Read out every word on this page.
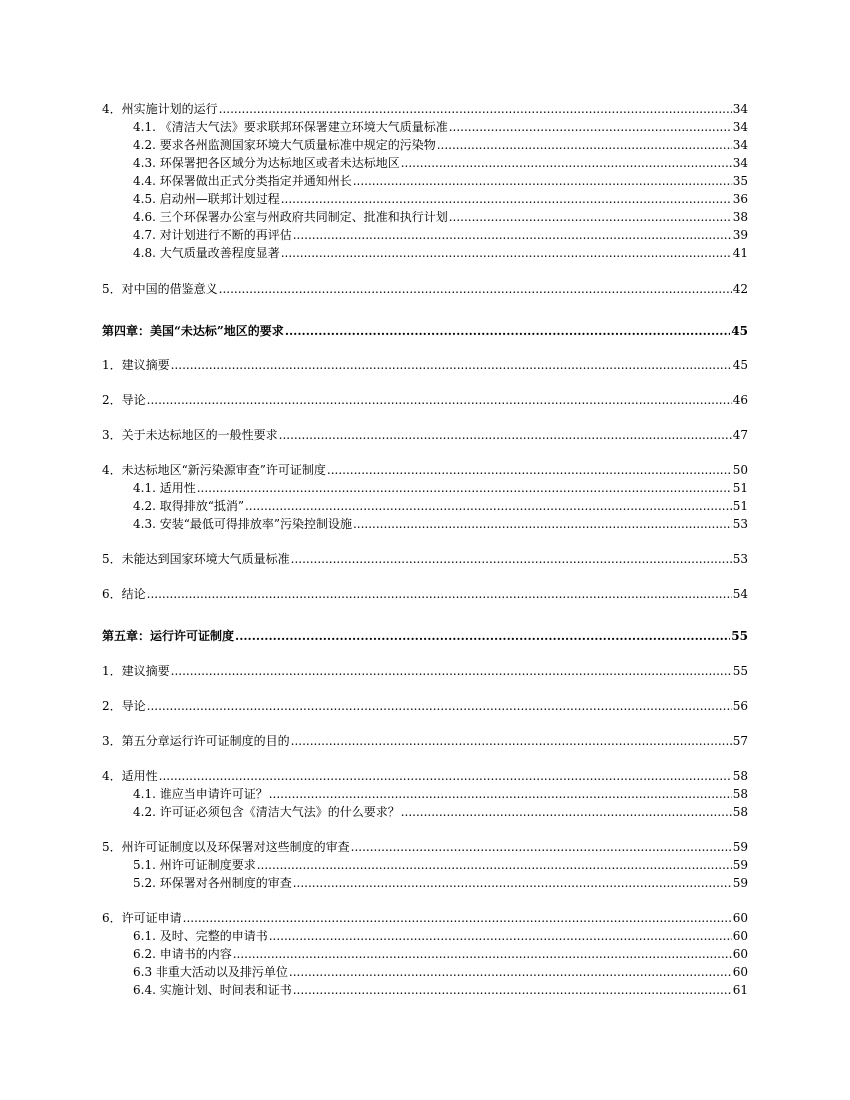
4．州实施计划的运行 .....	34
4.1. 《清洁大气法》要求联邦环保署建立环境大气质量标准 .....	34
4.2. 要求各州监测国家环境大气质量标准中规定的污染物 .....	34
4.3. 环保署把各区域分为达标地区或者未达标地区 .....	34
4.4. 环保署做出正式分类指定并通知州长 .....	35
4.5. 启动州—联邦计划过程 .....	36
4.6. 三个环保署办公室与州政府共同制定、批准和执行计划 .....	38
4.7. 对计划进行不断的再评估 .....	39
4.8. 大气质量改善程度显著 .....	41
5．对中国的借鉴意义 .....	42
第四章：美国“未达标”地区的要求 .....	45
1．建议摘要 .....	45
2．导论 .....	46
3．关于未达标地区的一般性要求 .....	47
4．未达标地区“新污染源审查”许可证制度 .....	50
4.1. 适用性 .....	51
4.2. 取得排放“抵消” .....	51
4.3. 安装“最低可得排放率”污染控制设施 .....	53
5．未能达到国家环境大气质量标准 .....	53
6．结论 .....	54
第五章：运行许可证制度 .....	55
1．建议摘要 .....	55
2．导论 .....	56
3．第五分章运行许可证制度的目的 .....	57
4．适用性 .....	58
4.1. 谁应当申请许可证？ .....	58
4.2. 许可证必须包含《清洁大气法》的什么要求？ .....	58
5．州许可证制度以及环保署对这些制度的审查 .....	59
5.1. 州许可证制度要求 .....	59
5.2. 环保署对各州制度的审查 .....	59
6．许可证申请 .....	60
6.1. 及时、完整的申请书 .....	60
6.2. 申请书的内容 .....	60
6.3 非重大活动以及排污单位 .....	60
6.4. 实施计划、时间表和证书 .....	61
